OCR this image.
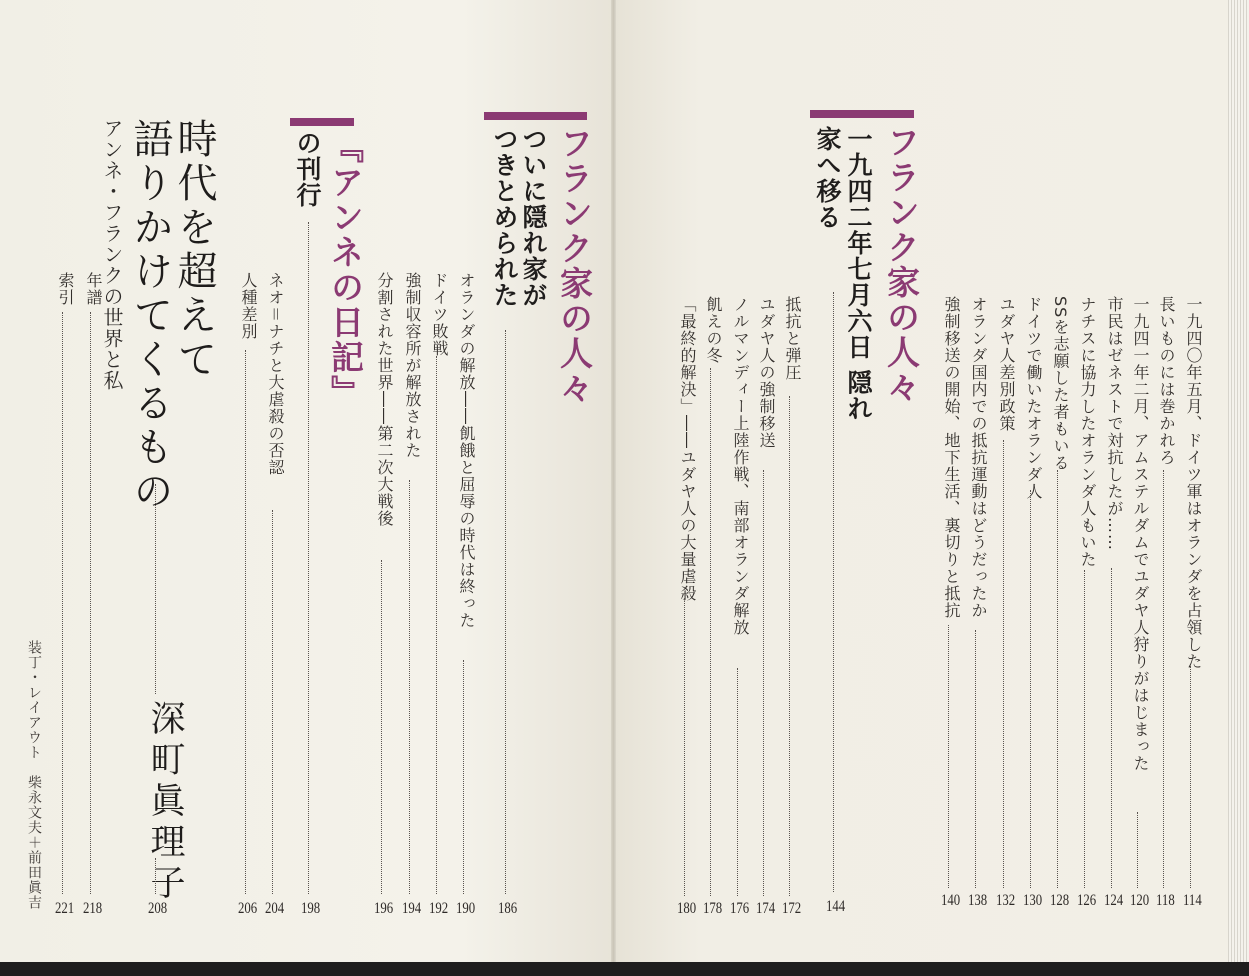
フランク家の人々
一九四二年七月六日 隠れ家へ移る
144
一九四〇年五月、ドイツ軍はオランダを占領した
114
長いものには巻かれろ
118
一九四一年二月、アムステルダムでユダヤ人狩りがはじまった
120
市民はゼネストで対抗したが……
124
ナチスに協力したオランダ人もいた
126
SSを志願した者もいる
128
ドイツで働いたオランダ人
130
ユダヤ人差別政策
132
オランダ国内での抵抗運動はどうだったか
138
強制移送の開始、地下生活、裏切りと抵抗
140
抵抗と弾圧
172
ユダヤ人の強制移送
174
ノルマンディー上陸作戦、南部オランダ解放
176
飢えの冬
178
「最終的解決」――ユダヤ人の大量虐殺
180
フランク家の人々
ついに隠れ家が
つきとめられた
186
オランダの解放――飢餓と屈辱の時代は終った
190
ドイツ敗戦
192
強制収容所が解放された
194
分割された世界――第二次大戦後
196
『アンネの日記』
の刊行
198
ネオ＝ナチと大虐殺の否認
204
人種差別
206
時代を超えて
語りかけてくるもの
アンネ・フランクの世界と私
深町眞理子
208
年譜
218
索引
221
装丁・レイアウト　柴永文夫＋前田眞吉
